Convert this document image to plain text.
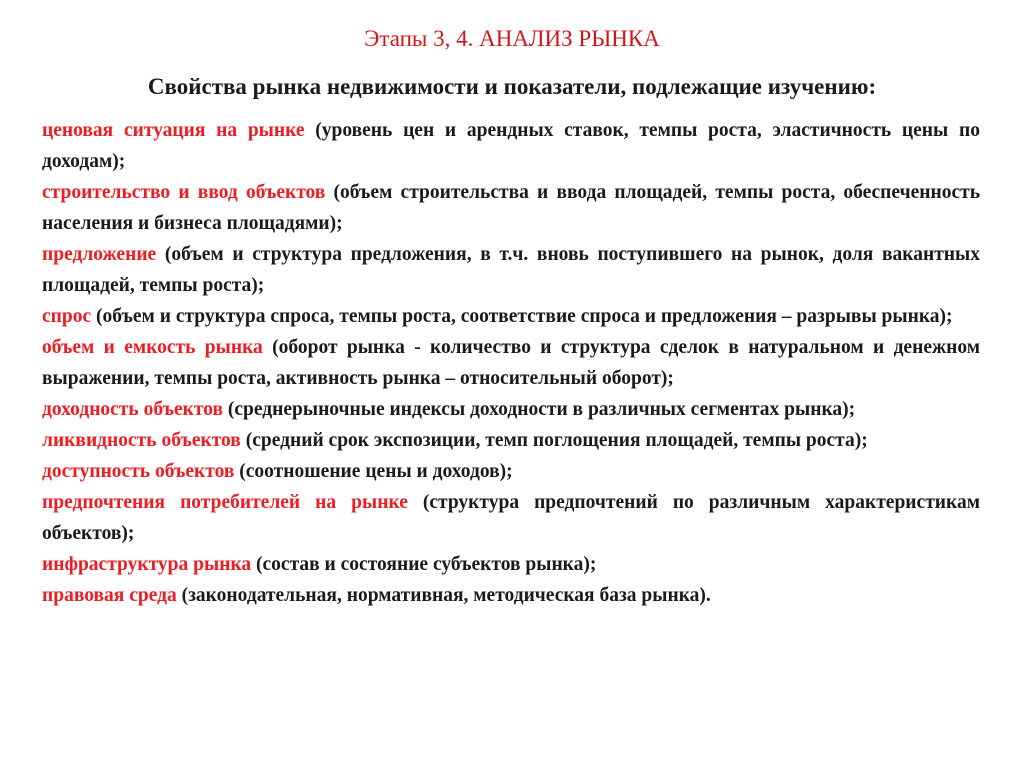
Этапы 3, 4. АНАЛИЗ РЫНКА
Свойства рынка недвижимости и показатели, подлежащие изучению:

ценовая ситуация на рынке (уровень цен и арендных ставок, темпы роста, эластичность цены по доходам);

строительство и ввод объектов (объем строительства и ввода площадей, темпы роста, обеспеченность населения и бизнеса площадями);

предложение (объем и структура предложения, в т.ч. вновь поступившего на рынок, доля вакантных площадей, темпы роста);

спрос (объем и структура спроса, темпы роста, соответствие спроса и предложения – разрывы рынка);

объем и емкость рынка (оборот рынка - количество и структура сделок в натуральном и денежном выражении, темпы роста, активность рынка – относительный оборот);

доходность объектов (среднерыночные индексы доходности в различных сегментах рынка);

ликвидность объектов (средний срок экспозиции, темп поглощения площадей, темпы роста);

доступность объектов (соотношение цены и доходов);

предпочтения потребителей на рынке (структура предпочтений по различным характеристикам объектов);

инфраструктура рынка (состав и состояние субъектов рынка);

правовая среда (законодательная, нормативная, методическая база рынка).
